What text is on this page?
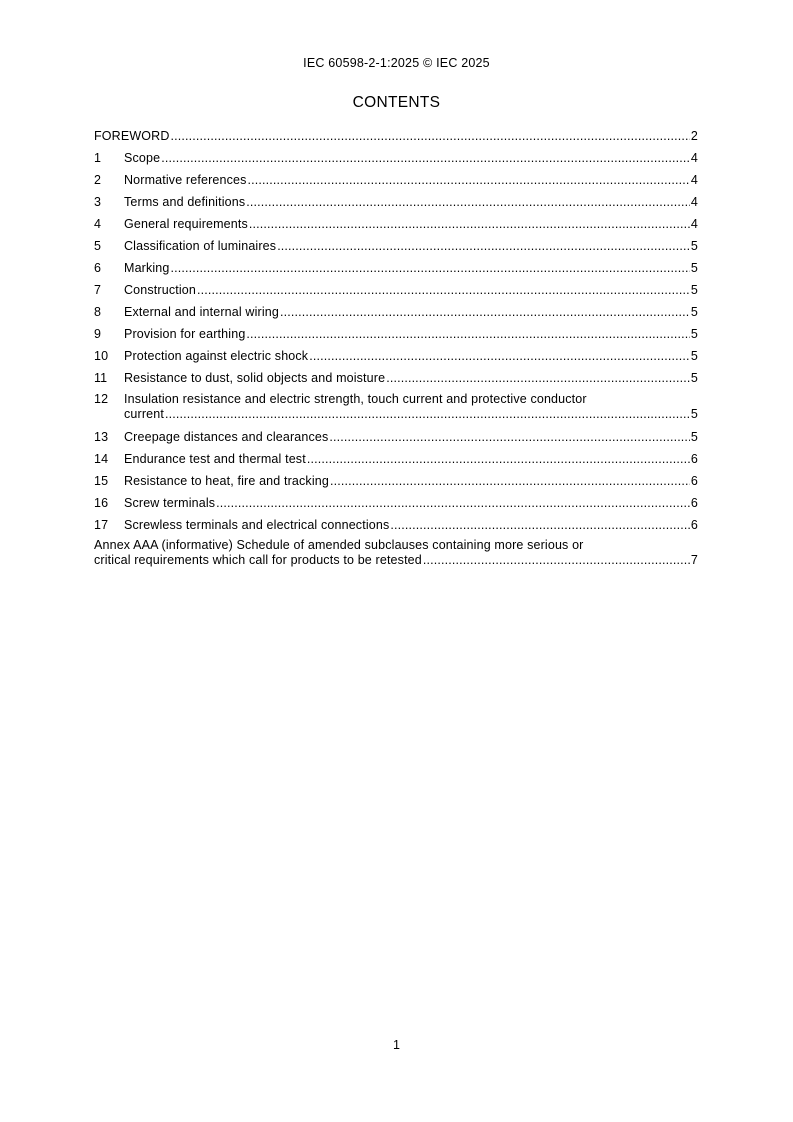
IEC 60598-2-1:2025 © IEC 2025
CONTENTS
FOREWORD .....	2
1	Scope .....	4
2	Normative references .....	4
3	Terms and definitions .....	4
4	General requirements .....	4
5	Classification of luminaires .....	5
6	Marking .....	5
7	Construction .....	5
8	External and internal wiring .....	5
9	Provision for earthing .....	5
10	Protection against electric shock .....	5
11	Resistance to dust, solid objects and moisture .....	5
12	Insulation resistance and electric strength, touch current and protective conductor
current .....	5
13	Creepage distances and clearances .....	5
14	Endurance test and thermal test .....	6
15	Resistance to heat, fire and tracking .....	6
16	Screw terminals .....	6
17	Screwless terminals and electrical connections .....	6
Annex AAA (informative) Schedule of amended subclauses containing more serious or
critical requirements which call for products to be retested .....	7
1
